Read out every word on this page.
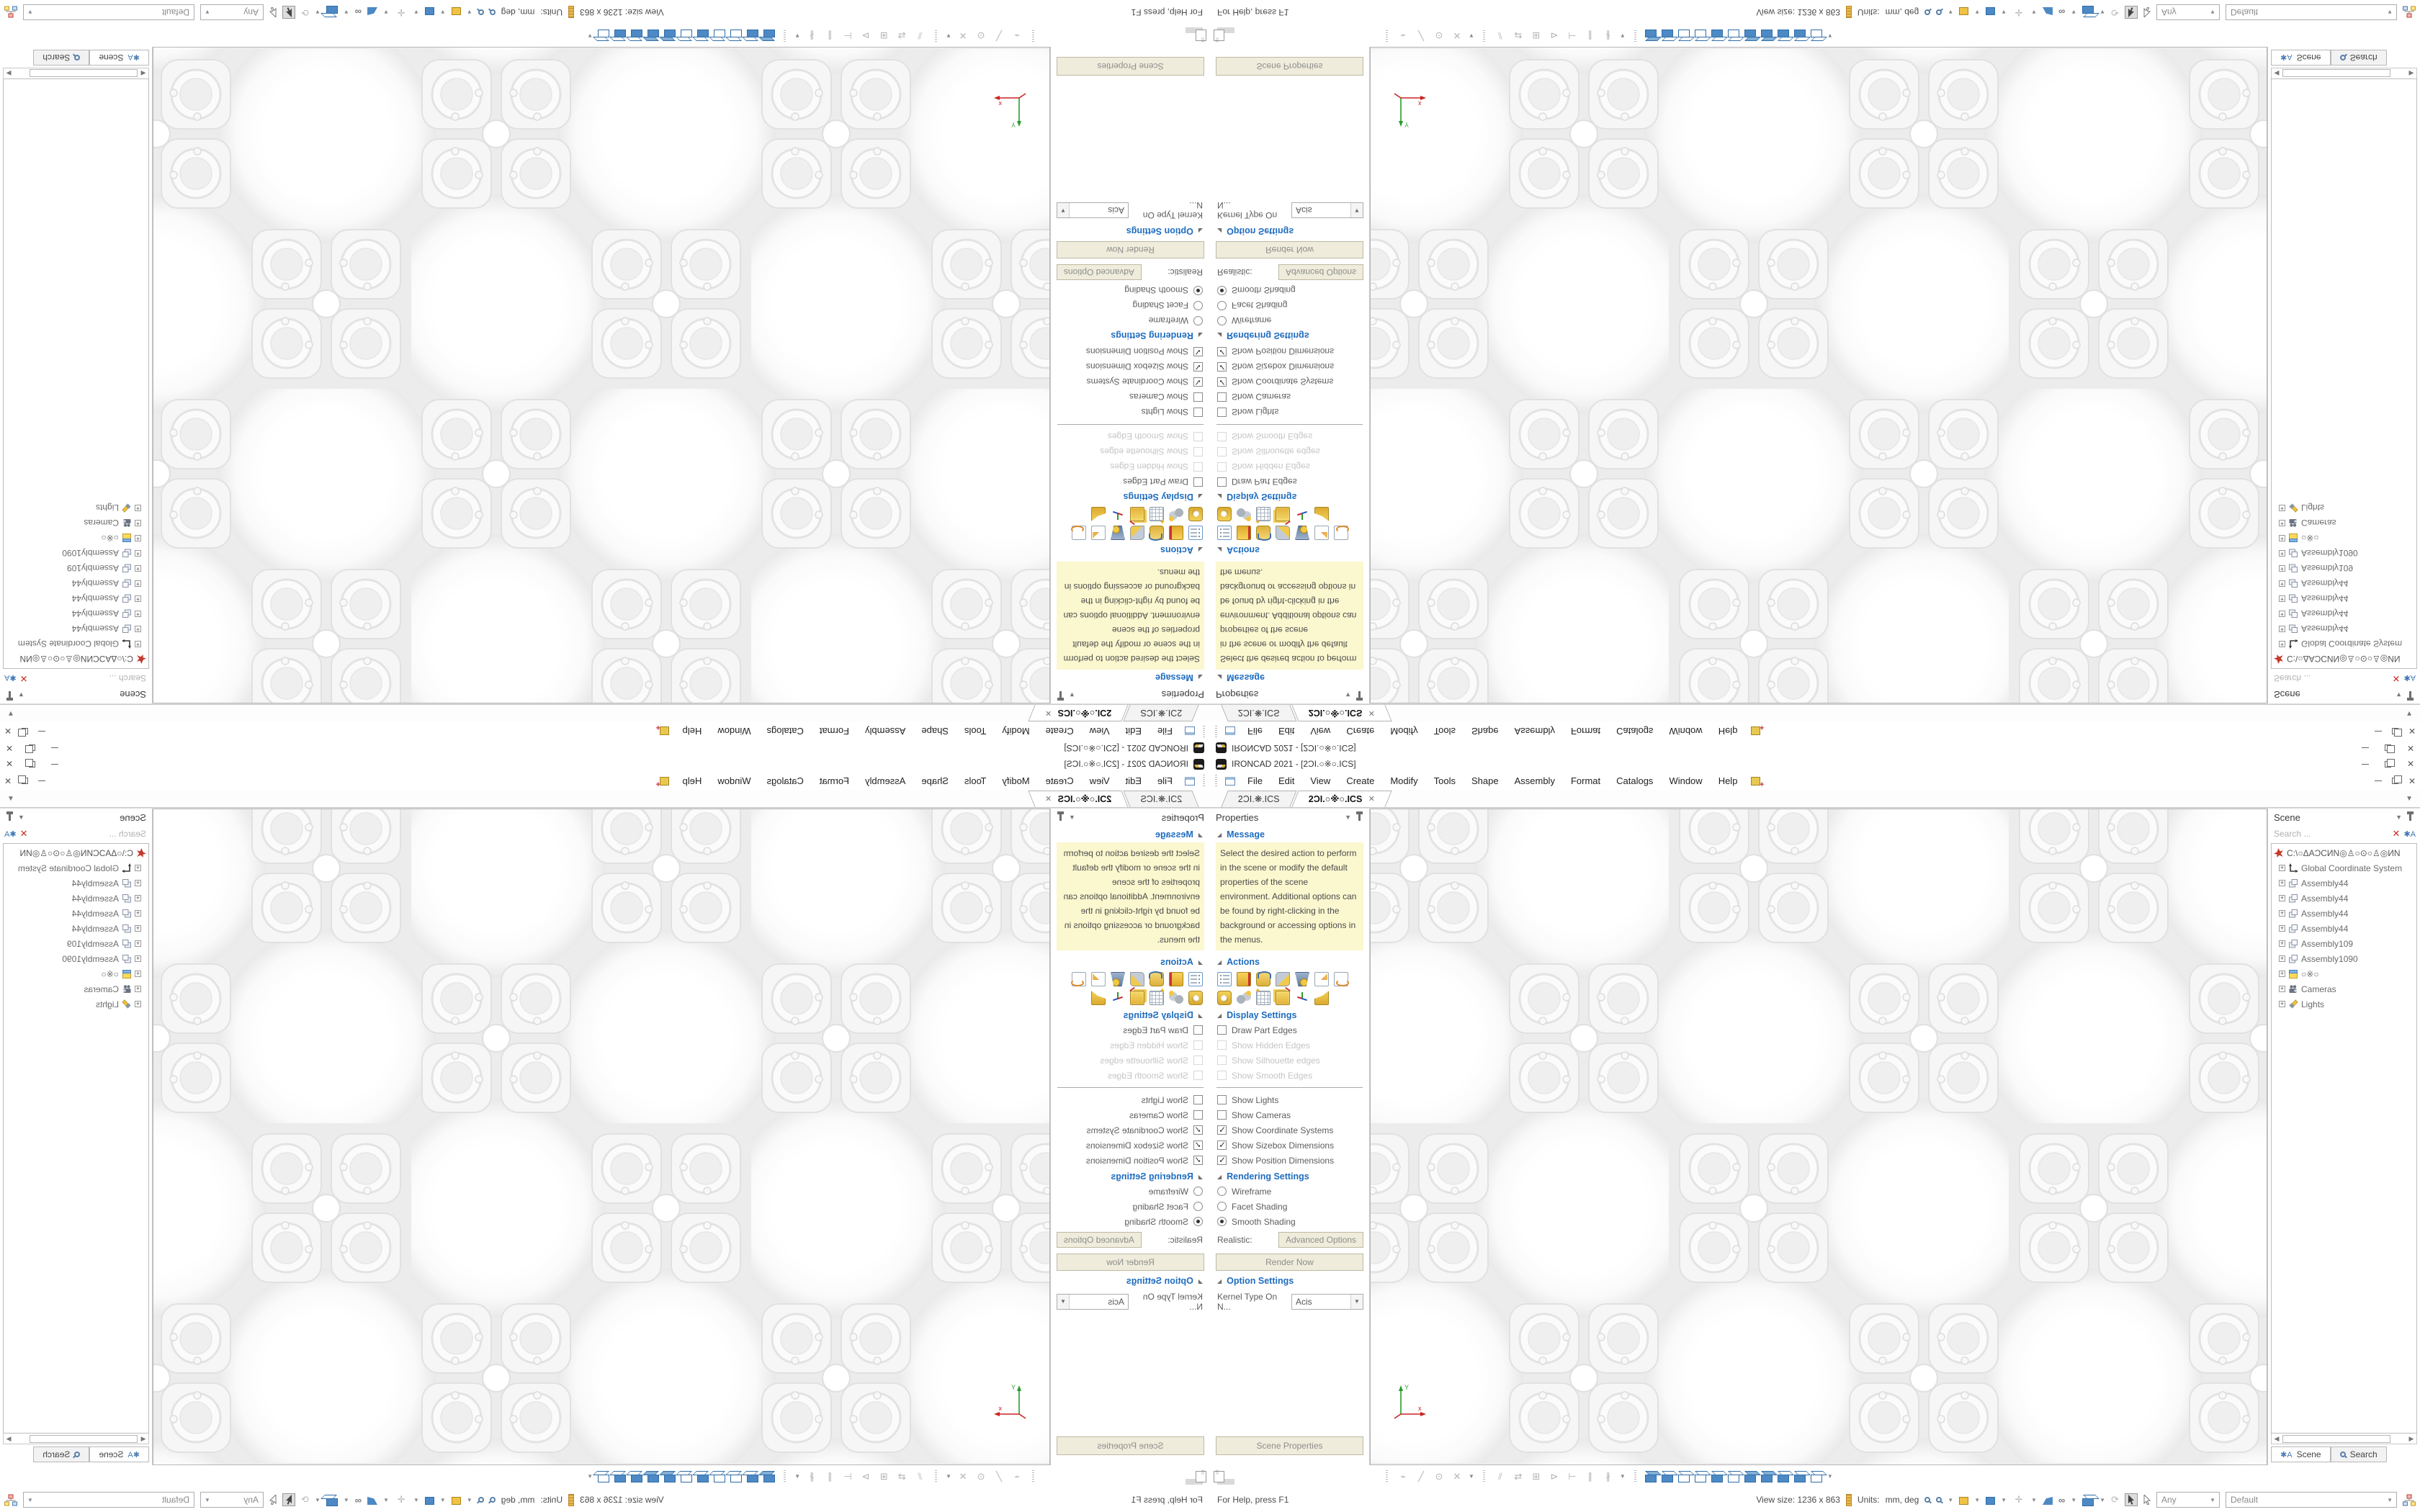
IRONCAD 2021 - [2ƆI.○※○.ICS]
✕
File
Edit
View
Create
Modify
Tools
Shape
Assembly
Format
Catalogs
Window
Help
+
✕
2ƆI.❋.ICS
2ƆI.○※○.ICS
✕
▼
Properties
▼
◢
Message
Select the desired action to perform in the scene or modify the default properties of the scene environment. Additional options can be found by right-clicking in the background or accessing options in the menus.
◢
Actions
✦
◢
Display Settings
Draw Part Edges
Show Hidden Edges
Show Silhouette edges
Show Smooth Edges
Show Lights
Show Cameras
✓
Show Coordinate Systems
✓
Show Sizebox Dimensions
✓
Show Position Dimensions
◢
Rendering Settings
Wireframe
Facet Shading
Smooth Shading
Realistic:
Advanced Options
Render Now
◢
Option Settings
Kernel Type On N...
Acis
▼
Scene Properties
Y
x
Scene
▼
Search ...
✕
✱A
C:\○ΔAƆCИN◎♙○⊙○♙◎ИN
+
Global Coordinate System
+
Assembly44
+
Assembly44
+
Assembly44
+
Assembly44
+
Assembly109
+
Assembly1090
+
○※○
+
Cameras
+
Lights
◀
▶
✱A
Scene
Search
⠿
⌁
╱
⊙
✕
▼
⫽
⇄
⊞
⊳
⊢
∥
∦
▼
▼
For Help, press F1
View size: 1236 x 863
Units:
mm, deg
▼
▼
▼
✛
▼
∞
▼
▼
⟳
Any
▼
Default
▼
IRONCAD 2021 - [2ƆI.○※○.ICS]	✕
File	Edit	View	Create	Modify	Tools	Shape	Assembly	Format	Catalogs	Window	Help +	✕
2ƆI.❋.ICS	2ƆI.○※○.ICS ✕	▼
Properties	▼
◢ Message
Select the desired action to perform in the scene or modify the default properties of the scene environment. Additional options can be found by right-clicking in the background or accessing options in the menus.
◢ Actions
✦
◢ Display Settings
Draw Part Edges
Show Hidden Edges
Show Silhouette edges
Show Smooth Edges
Show Lights
Show Cameras
✓
Show Coordinate Systems
✓
Show Sizebox Dimensions
✓
Show Position Dimensions
◢ Rendering Settings
Wireframe
Facet Shading
Smooth Shading
Realistic:	Advanced Options
Render Now
◢ Option Settings
Kernel Type On N...	Acis	▼
Scene Properties
Y
x
Scene	▼
Search ...	✕ ✱A
C:\○ΔAƆCИN◎♙○⊙○♙◎ИN
+ Global Coordinate System
+ Assembly44
+ Assembly44
+ Assembly44
+ Assembly44
+ Assembly109
+ Assembly1090
+ ○※○
+ Cameras
+ Lights
◀	▶
✱A Scene	Search
⠿
⌁	╱	⊙ ✕	▼	⫽	⇄ ⊞ ⊳ ⊢	∥	∦	▼	▼
For Help, press F1	View size: 1236 x 863 Units: mm, deg	▼	▼	▼ ✛	▼ ∞ ▼	▼ ⟳	Any	▼	Default	▼
IRONCAD 2021 - [2ƆI.○※○.ICS]
✕
File
Edit
View
Create
Modify
Tools
Shape
Assembly
Format
Catalogs
Window
Help
+
✕
2ƆI.❋.ICS
2ƆI.○※○.ICS
✕
▼
Properties
▼
◢
Message
Select the desired action to perform in the scene or modify the default properties of the scene environment. Additional options can be found by right-clicking in the background or accessing options in the menus.
◢
Actions
✦
◢
Display Settings
Draw Part Edges
Show Hidden Edges
Show Silhouette edges
Show Smooth Edges
Show Lights
Show Cameras
✓
Show Coordinate Systems
✓
Show Sizebox Dimensions
✓
Show Position Dimensions
◢
Rendering Settings
Wireframe
Facet Shading
Smooth Shading
Realistic:
Advanced Options
Render Now
◢
Option Settings
Kernel Type On N...
Acis
▼
Scene Properties
Y
x
Scene
▼
Search ...
✕
✱A
C:\○ΔAƆCИN◎♙○⊙○♙◎ИN
+
Global Coordinate System
+
Assembly44
+
Assembly44
+
Assembly44
+
Assembly44
+
Assembly109
+
Assembly1090
+
○※○
+
Cameras
+
Lights
◀
▶
✱A
Scene
Search
⠿
⌁
╱
⊙
✕
▼
⫽
⇄
⊞
⊳
⊢
∥
∦
▼
▼
For Help, press F1
View size: 1236 x 863
Units:
mm, deg
▼
▼
▼
✛
▼
∞
▼
▼
⟳
Any
▼
Default
▼
IRONCAD 2021 - [2ƆI.○※○.ICS]	✕
File	Edit	View	Create	Modify	Tools	Shape	Assembly	Format	Catalogs	Window	Help +	✕
2ƆI.❋.ICS	2ƆI.○※○.ICS ✕	▼
Properties	▼
◢ Message
Select the desired action to perform in the scene or modify the default properties of the scene environment. Additional options can be found by right-clicking in the background or accessing options in the menus.
◢ Actions
✦
◢ Display Settings
Draw Part Edges
Show Hidden Edges
Show Silhouette edges
Show Smooth Edges
Show Lights
Show Cameras
✓
Show Coordinate Systems
✓
Show Sizebox Dimensions
✓
Show Position Dimensions
◢ Rendering Settings
Wireframe
Facet Shading
Smooth Shading
Realistic:	Advanced Options
Render Now
◢ Option Settings
Kernel Type On N...	Acis	▼
Scene Properties
Y
x
Scene	▼
Search ...	✕ ✱A
C:\○ΔAƆCИN◎♙○⊙○♙◎ИN
+ Global Coordinate System
+ Assembly44
+ Assembly44
+ Assembly44
+ Assembly44
+ Assembly109
+ Assembly1090
+ ○※○
+ Cameras
+ Lights
◀	▶
✱A Scene	Search
⠿
⌁	╱	⊙ ✕	▼	⫽	⇄ ⊞ ⊳ ⊢	∥	∦	▼	▼
For Help, press F1	View size: 1236 x 863 Units: mm, deg	▼	▼	▼ ✛	▼ ∞ ▼	▼ ⟳	Any	▼	Default	▼
